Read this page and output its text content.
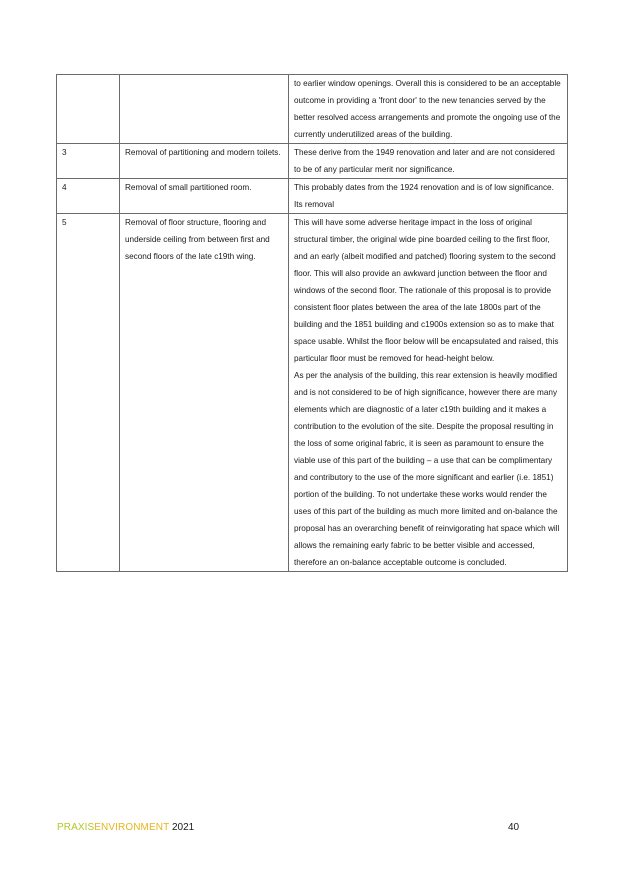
		to earlier window openings. Overall this is considered to be an acceptable outcome in providing a 'front door' to the new tenancies served by the better resolved access arrangements and promote the ongoing use of the currently underutilized areas of the building.

3	Removal of partitioning and modern toilets.	These derive from the 1949 renovation and later and are not considered to be of any particular merit nor significance.

4	Removal of small partitioned room.	This probably dates from the 1924 renovation and is of low significance. Its removal

5	Removal of floor structure, flooring and underside ceiling from between first and second floors of the late c19th wing.	This will have some adverse heritage impact in the loss of original structural timber, the original wide pine boarded ceiling to the first floor, and an early (albeit modified and patched) flooring system to the second floor. This will also provide an awkward junction between the floor and windows of the second floor. The rationale of this proposal is to provide consistent floor plates between the area of the late 1800s part of the building and the 1851 building and c1900s extension so as to make that space usable. Whilst the floor below will be encapsulated and raised, this particular floor must be removed for head-height below.

As per the analysis of the building, this rear extension is heavily modified and is not considered to be of high significance, however there are many elements which are diagnostic of a later c19th building and it makes a contribution to the evolution of the site. Despite the proposal resulting in the loss of some original fabric, it is seen as paramount to ensure the viable use of this part of the building – a use that can be complimentary and contributory to the use of the more significant and earlier (i.e. 1851) portion of the building. To not undertake these works would render the uses of this part of the building as much more limited and on-balance the proposal has an overarching benefit of reinvigorating hat space which will allows the remaining early fabric to be better visible and accessed, therefore an on-balance acceptable outcome is concluded.

PRAXISENVIRONMENT 2021	40
